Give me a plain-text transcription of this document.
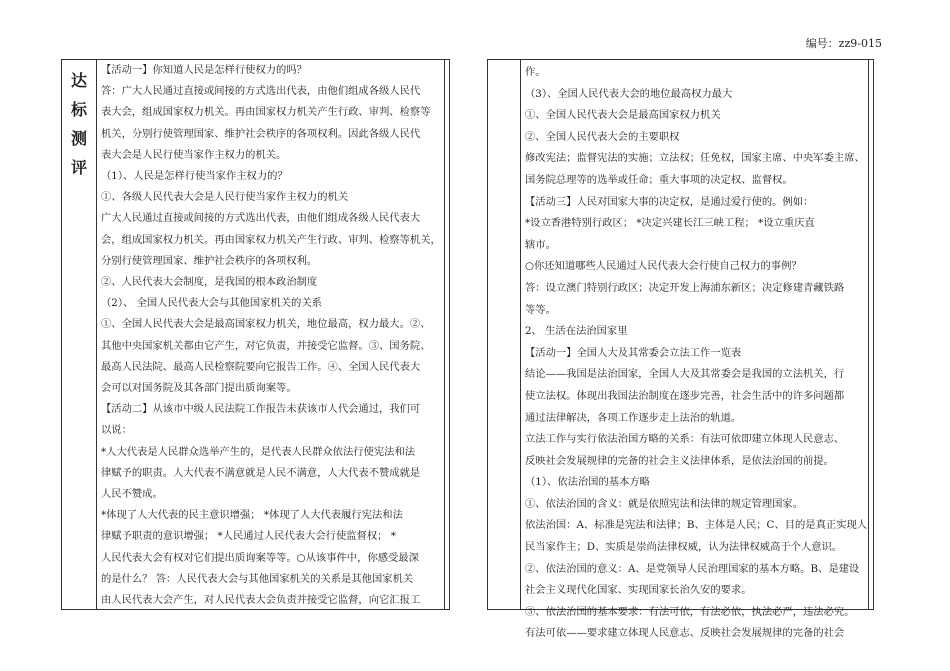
编号：zz9-015
达
标
测
评
【活动一】你知道人民是怎样行使权力的吗？
答：广大人民通过直接或间接的方式选出代表，由他们组成各级人民代
表大会，组成国家权力机关。再由国家权力机关产生行政、审判、检察等
机关，分别行使管理国家、维护社会秩序的各项权利。因此各级人民代
表大会是人民行使当家作主权力的机关。
（1）、人民是怎样行使当家作主权力的？
①、各级人民代表大会是人民行使当家作主权力的机关
广大人民通过直接或间接的方式选出代表，由他们组成各级人民代表大
会，组成国家权力机关。再由国家权力机关产生行政、审判、检察等机关，
分别行使管理国家、维护社会秩序的各项权利。
②、人民代表大会制度，是我国的根本政治制度
（2）、 全国人民代表大会与其他国家机关的关系
①、全国人民代表大会是最高国家权力机关，地位最高，权力最大。②、
其他中央国家机关都由它产生，对它负责，并接受它监督。③、国务院、
最高人民法院、最高人民检察院要向它报告工作。④、全国人民代表大
会可以对国务院及其各部门提出质询案等。
【活动二】从该市中级人民法院工作报告未获该市人代会通过，我们可
以说：
*人大代表是人民群众选举产生的，是代表人民群众依法行使宪法和法
律赋予的职责。人大代表不满意就是人民不满意，人大代表不赞成就是
人民不赞成。
*体现了人大代表的民主意识增强； *体现了人大代表履行宪法和法
律赋予职责的意识增强； *人民通过人民代表大会行使监督权； *
人民代表大会有权对它们提出质询案等等。○从该事件中，你感受最深
的是什么？ 答：人民代表大会与其他国家机关的关系是其他国家机关
由人民代表大会产生，对人民代表大会负责并接受它监督，向它汇报工
作。
（3）、全国人民代表大会的地位最高权力最大
①、全国人民代表大会是最高国家权力机关
②、全国人民代表大会的主要职权
修改宪法；监督宪法的实施；立法权；任免权，国家主席、中央军委主席、
国务院总理等的选举或任命；重大事项的决定权、监督权。
【活动三】人民对国家大事的决定权，是通过爱行使的。例如：
*设立香港特别行政区； *决定兴建长江三峡工程； *设立重庆直
辖市。
○你还知道哪些人民通过人民代表大会行使自己权力的事例？
答：设立澳门特别行政区；决定开发上海浦东新区；决定修建青藏铁路
等等。
2、 生活在法治国家里
【活动一】全国人大及其常委会立法工作一览表
结论——我国是法治国家，全国人大及其常委会是我国的立法机关，行
使立法权。体现出我国法治制度在逐步完善，社会生活中的许多问题都
通过法律解决，各项工作逐步走上法治的轨道。
立法工作与实行依法治国方略的关系：有法可依即建立体现人民意志、
反映社会发展规律的完备的社会主义法律体系，是依法治国的前提。
（1）、依法治国的基本方略
①、依法治国的含义：就是依照宪法和法律的规定管理国家。
依法治国：A、标准是宪法和法律；B、主体是人民；C、目的是真正实现人
民当家作主；D、实质是崇尚法律权威，认为法律权威高于个人意识。
②、依法治国的意义：A、是党领导人民治理国家的基本方略。B、是建设
社会主义现代化国家、实现国家长治久安的要求。
③、依法治国的基本要求：有法可依，有法必依，执法必严，违法必究。
有法可依——要求建立体现人民意志、反映社会发展规律的完备的社会
